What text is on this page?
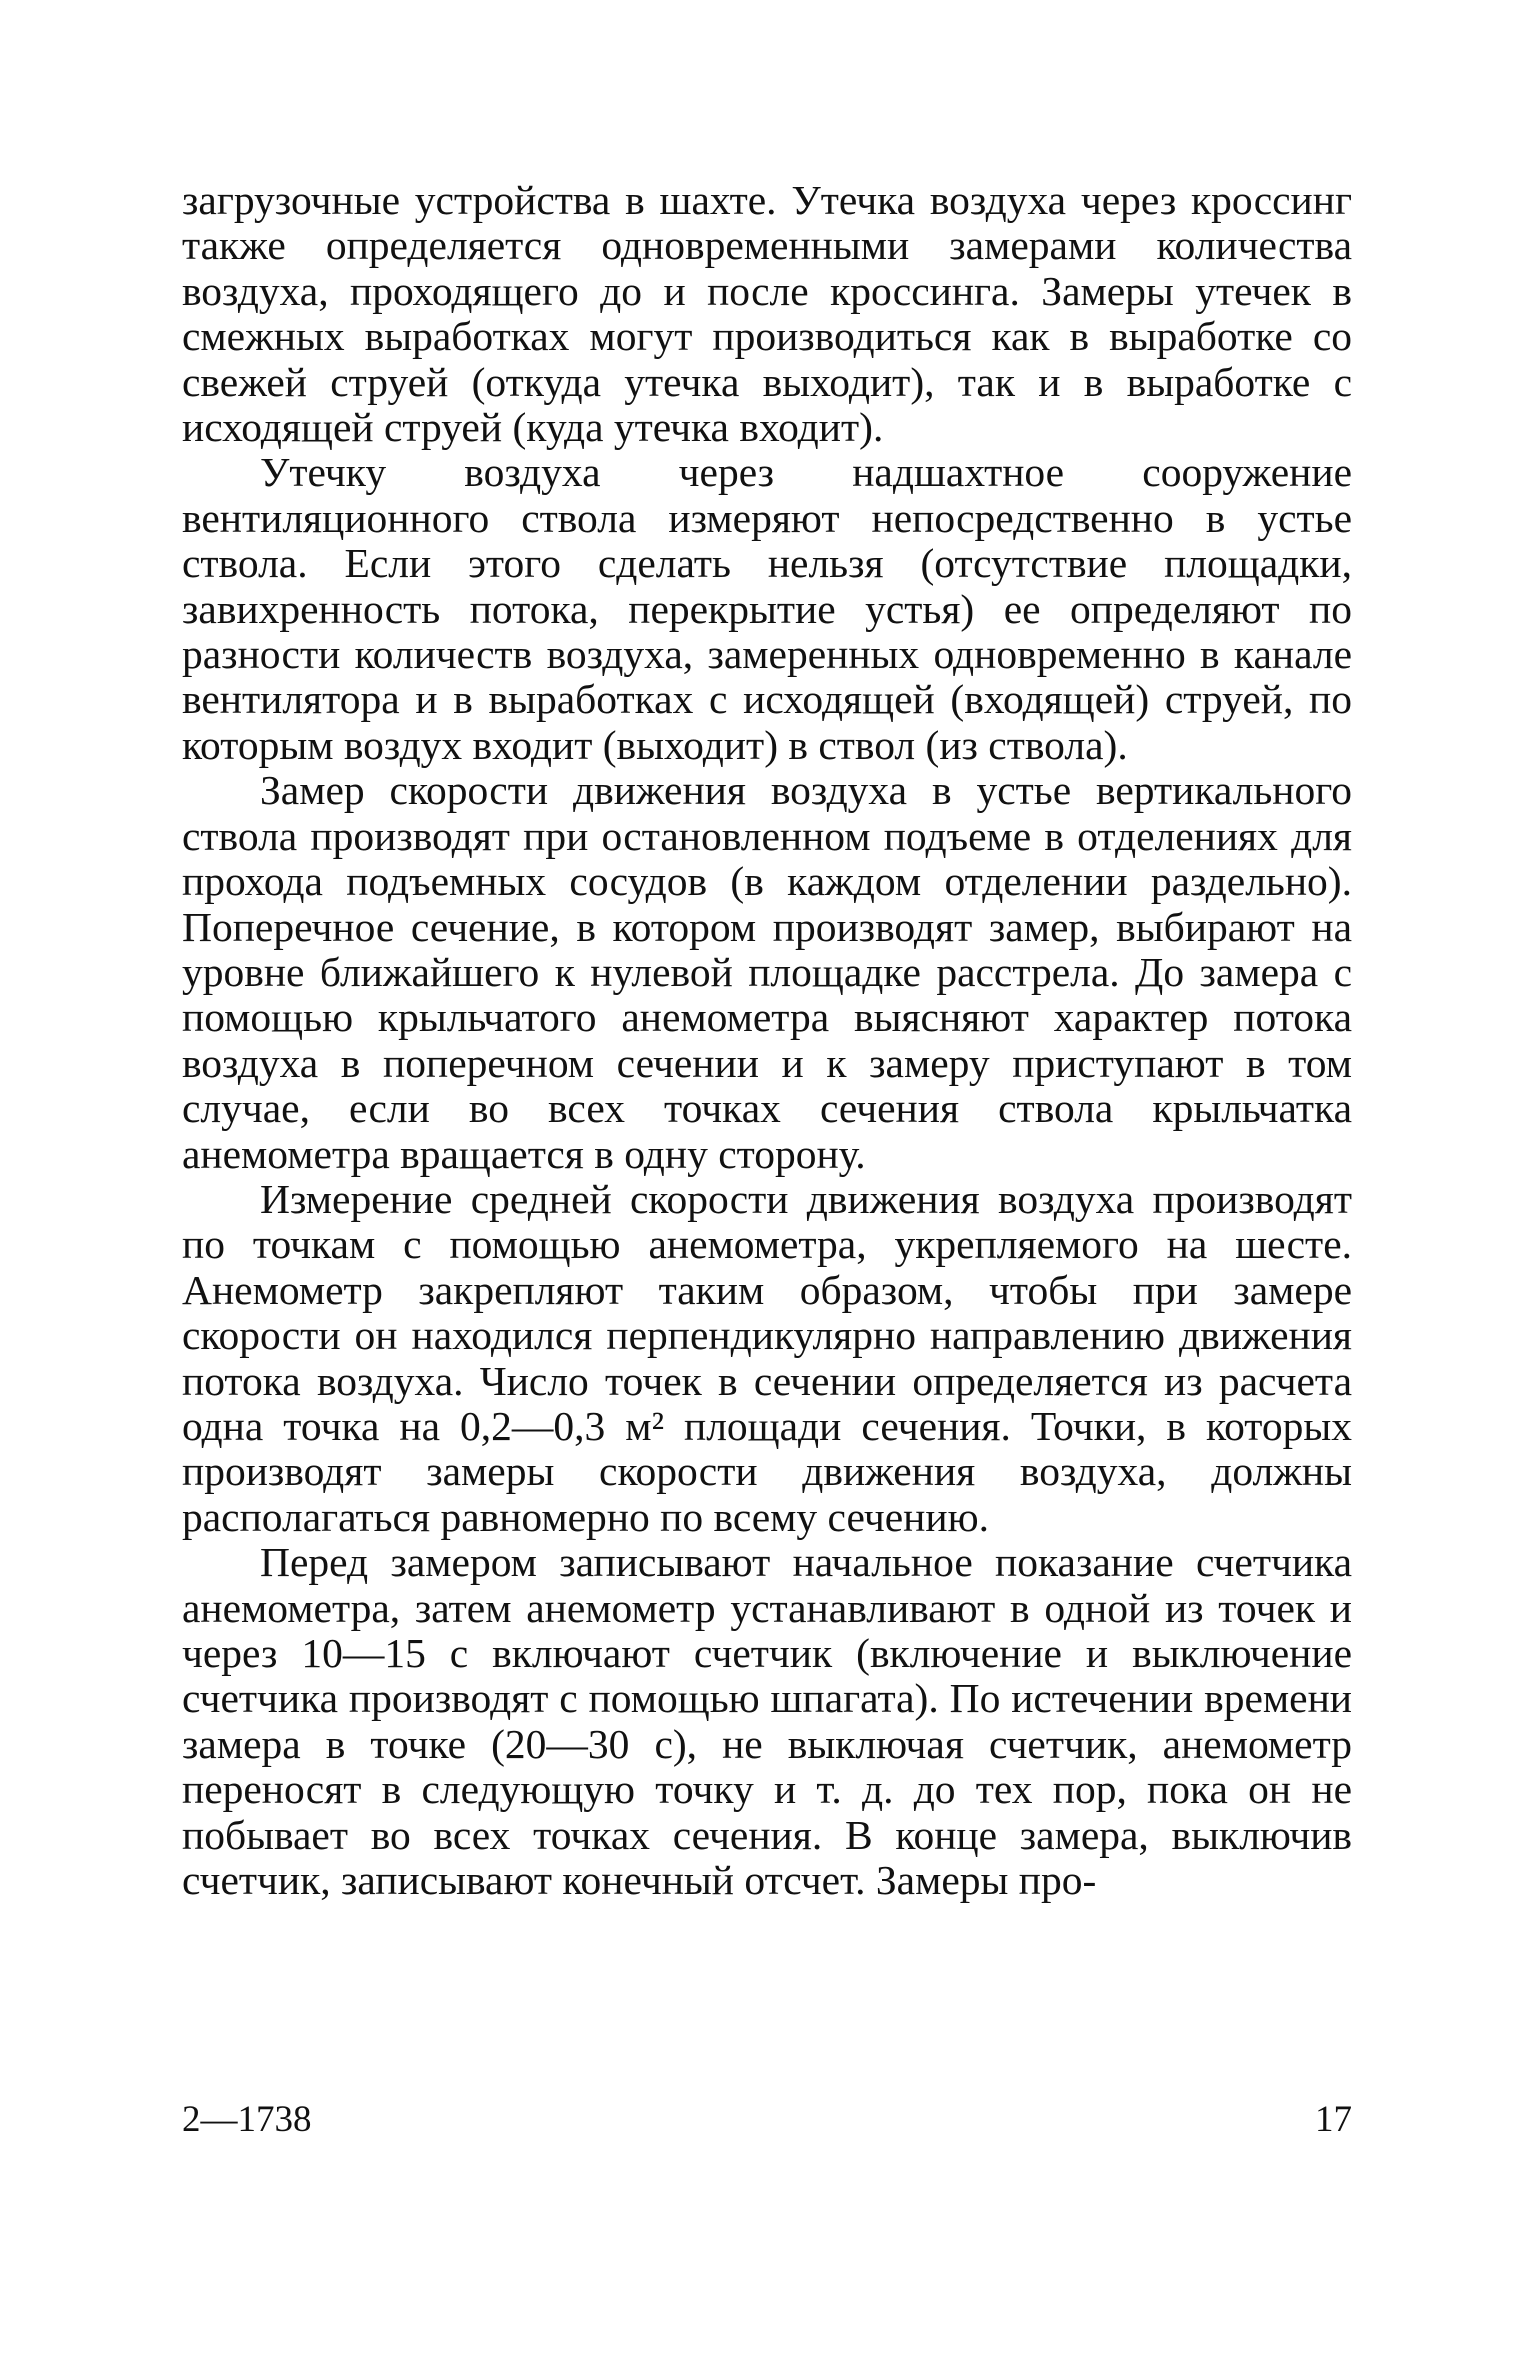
загрузочные устройства в шахте. Утечка воздуха через кроссинг также определяется одновременными замерами количества воздуха, проходящего до и после кроссинга. Замеры утечек в смежных выработках могут производиться как в выработке со свежей струей (откуда утечка выходит), так и в выработке с исходящей струей (куда утечка входит).

Утечку воздуха через надшахтное сооружение вентиляционного ствола измеряют непосредственно в устье ствола. Если этого сделать нельзя (отсутствие площадки, завихренность потока, перекрытие устья) ее определяют по разности количеств воздуха, замеренных одновременно в канале вентилятора и в выработках с исходящей (входящей) струей, по которым воздух входит (выходит) в ствол (из ствола).

Замер скорости движения воздуха в устье вертикального ствола производят при остановленном подъеме в отделениях для прохода подъемных сосудов (в каждом отделении раздельно). Поперечное сечение, в котором производят замер, выбирают на уровне ближайшего к нулевой площадке расстрела. До замера с помощью крыльчатого анемометра выясняют характер потока воздуха в поперечном сечении и к замеру приступают в том случае, если во всех точках сечения ствола крыльчатка анемометра вращается в одну сторону.

Измерение средней скорости движения воздуха производят по точкам с помощью анемометра, укрепляемого на шесте. Анемометр закрепляют таким образом, чтобы при замере скорости он находился перпендикулярно направлению движения потока воздуха. Число точек в сечении определяется из расчета одна точка на 0,2—0,3 м² площади сечения. Точки, в которых производят замеры скорости движения воздуха, должны располагаться равномерно по всему сечению.

Перед замером записывают начальное показание счетчика анемометра, затем анемометр устанавливают в одной из точек и через 10—15 с включают счетчик (включение и выключение счетчика производят с помощью шпагата). По истечении времени замера в точке (20—30 с), не выключая счетчик, анемометр переносят в следующую точку и т. д. до тех пор, пока он не побывает во всех точках сечения. В конце замера, выключив счетчик, записывают конечный отсчет. Замеры про-

2—1738	17
